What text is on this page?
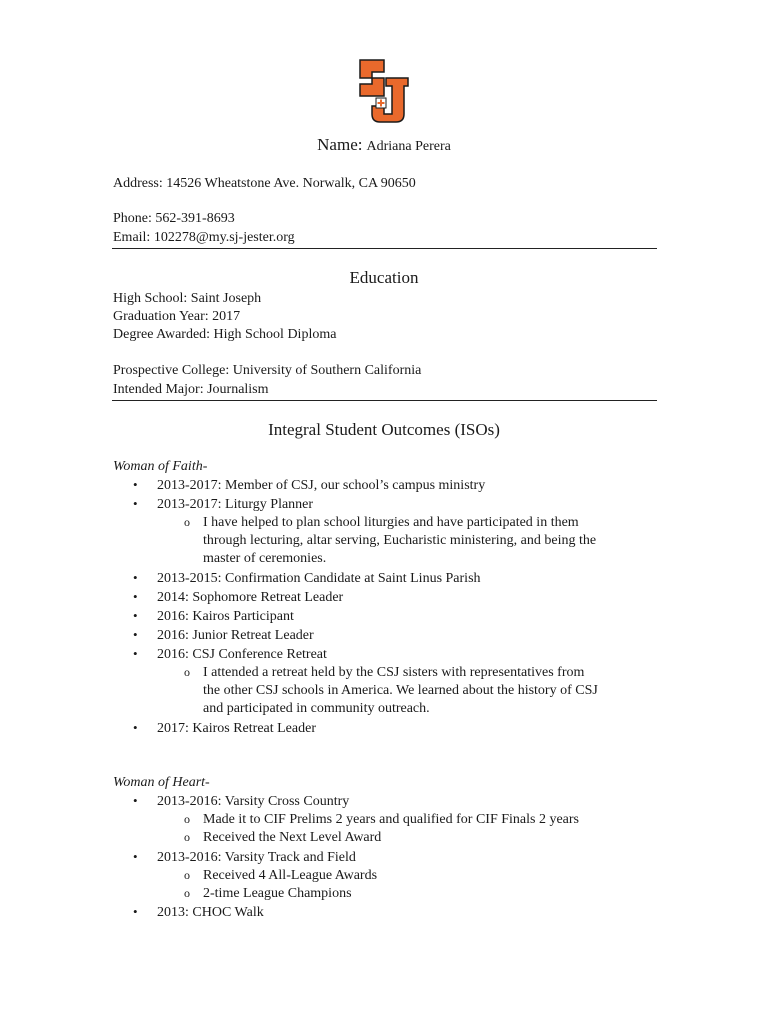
Name: Adriana Perera
Address: 14526 Wheatstone Ave. Norwalk, CA 90650
Phone: 562-391-8693
Email: 102278@my.sj-jester.org
Education
High School: Saint Joseph
Graduation Year: 2017
Degree Awarded: High School Diploma
Prospective College: University of Southern California
Intended Major: Journalism
Integral Student Outcomes (ISOs)
Woman of Faith-
• 2013-2017: Member of CSJ, our school’s campus ministry
• 2013-2017: Liturgy Planner
o I have helped to plan school liturgies and have participated in them
through lecturing, altar serving, Eucharistic ministering, and being the
master of ceremonies.
• 2013-2015: Confirmation Candidate at Saint Linus Parish
• 2014: Sophomore Retreat Leader
• 2016: Kairos Participant
• 2016: Junior Retreat Leader
• 2016: CSJ Conference Retreat
o I attended a retreat held by the CSJ sisters with representatives from
the other CSJ schools in America. We learned about the history of CSJ
and participated in community outreach.
• 2017: Kairos Retreat Leader
Woman of Heart-
• 2013-2016: Varsity Cross Country
o Made it to CIF Prelims 2 years and qualified for CIF Finals 2 years
o Received the Next Level Award
• 2013-2016: Varsity Track and Field
o Received 4 All-League Awards
o 2-time League Champions
• 2013: CHOC Walk
